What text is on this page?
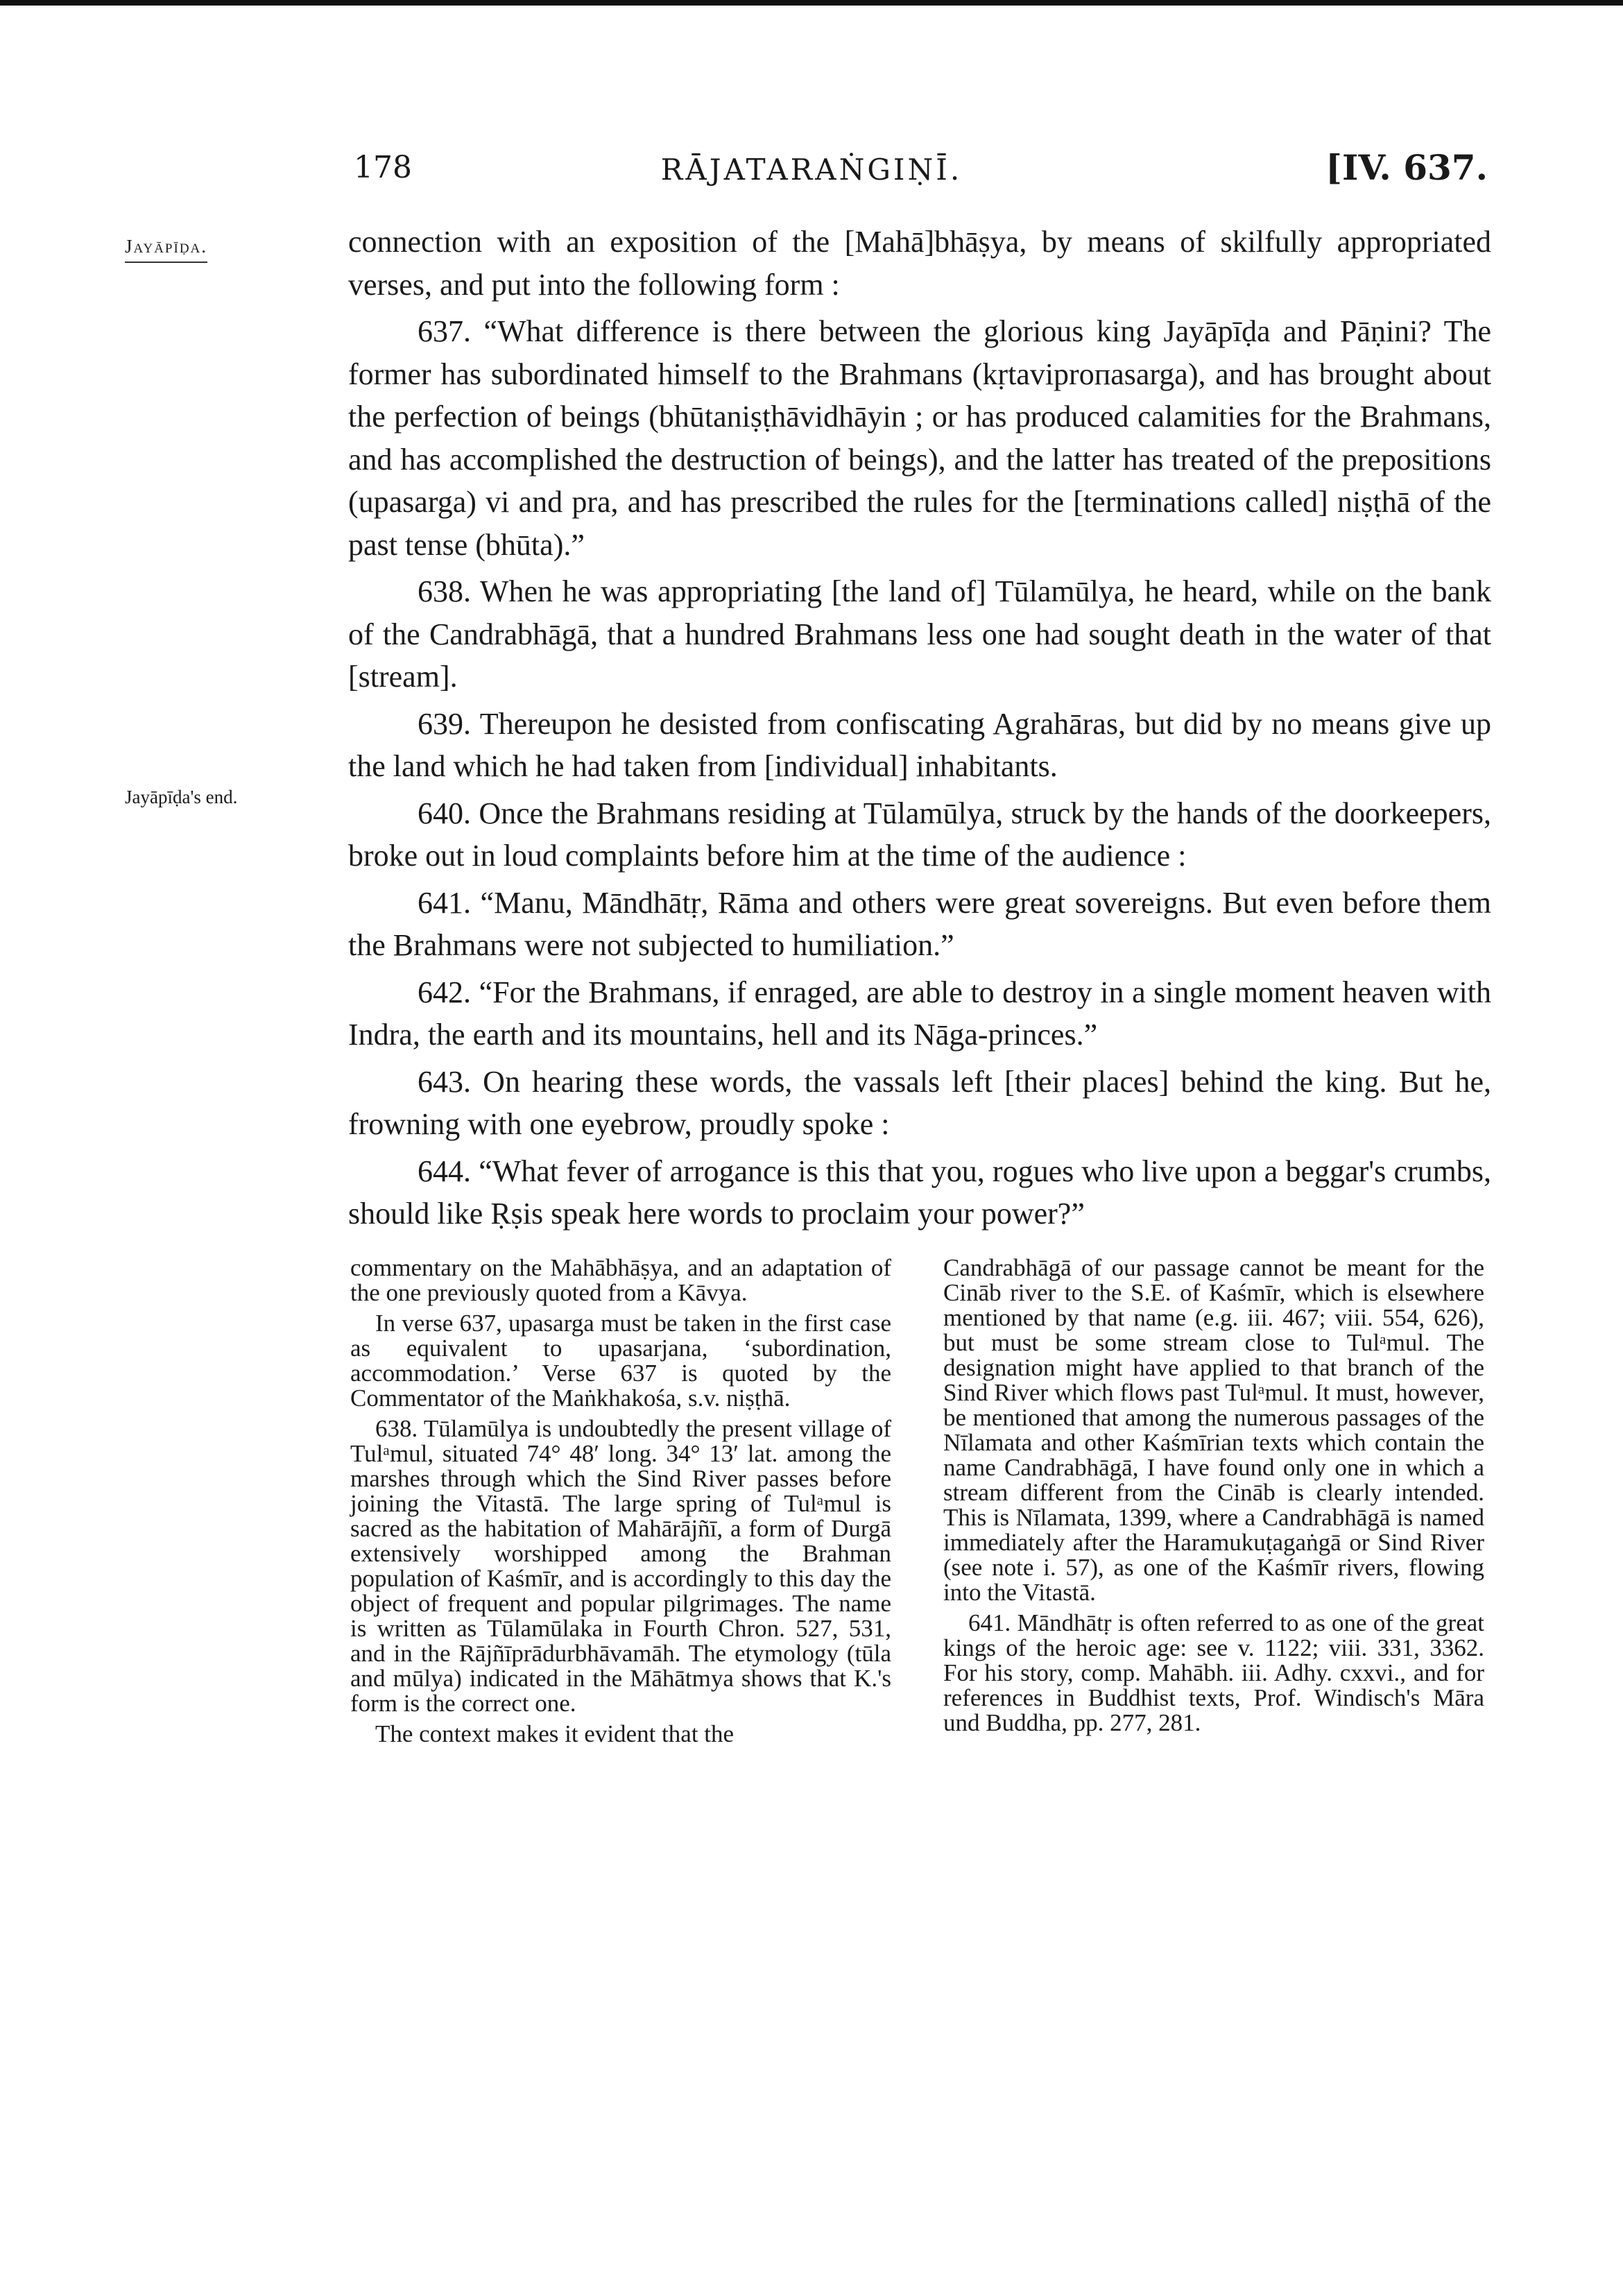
178	RĀJATARAṄGIṆĪ.	[IV. 637.
Jayāpīḍa.
Jayāpīḍa's end.

connection with an exposition of the [Mahā]bhāṣya, by means of skilfully appropriated verses, and put into the following form :

637. “What difference is there between the glorious king Jayāpīḍa and Pāṇini? The former has subordinated himself to the Brahmans (kṛtaviprопasarga), and has brought about the perfection of beings (bhūtaniṣṭhāvidhāyin ; or has produced calamities for the Brahmans, and has accomplished the destruction of beings), and the latter has treated of the prepositions (upasarga) vi and pra, and has prescribed the rules for the [terminations called] niṣṭhā of the past tense (bhūta).”

638. When he was appropriating [the land of] Tūlamūlya, he heard, while on the bank of the Candrabhāgā, that a hundred Brahmans less one had sought death in the water of that [stream].

639. Thereupon he desisted from confiscating Agrahāras, but did by no means give up the land which he had taken from [individual] inhabitants.

640. Once the Brahmans residing at Tūlamūlya, struck by the hands of the doorkeepers, broke out in loud complaints before him at the time of the audience :

641. “Manu, Māndhātṛ, Rāma and others were great sovereigns. But even before them the Brahmans were not subjected to humiliation.”

642. “For the Brahmans, if enraged, are able to destroy in a single moment heaven with Indra, the earth and its mountains, hell and its Nāga-princes.”

643. On hearing these words, the vassals left [their places] behind the king. But he, frowning with one eyebrow, proudly spoke :

644. “What fever of arrogance is this that you, rogues who live upon a beggar's crumbs, should like Ṛṣis speak here words to proclaim your power?”

commentary on the Mahābhāṣya, and an adaptation of the one previously quoted from a Kāvya.

In verse 637, upasarga must be taken in the first case as equivalent to upasarjana, ‘subordination, accommodation.’ Verse 637 is quoted by the Commentator of the Maṅkhakośa, s.v. niṣṭhā.

638. Tūlamūlya is undoubtedly the present village of Tulᵃmul, situated 74° 48′ long. 34° 13′ lat. among the marshes through which the Sind River passes before joining the Vitastā. The large spring of Tulᵃmul is sacred as the habitation of Mahārājñī, a form of Durgā extensively worshipped among the Brahman population of Kaśmīr, and is accordingly to this day the object of frequent and popular pilgrimages. The name is written as Tūlamūlaka in Fourth Chron. 527, 531, and in the Rājñīprādurbhāvamāh. The etymology (tūla and mūlya) indicated in the Māhātmya shows that K.'s form is the correct one.

The context makes it evident that the

Candrabhāgā of our passage cannot be meant for the Cināb river to the S.E. of Kaśmīr, which is elsewhere mentioned by that name (e.g. iii. 467; viii. 554, 626), but must be some stream close to Tulᵃmul. The designation might have applied to that branch of the Sind River which flows past Tulᵃmul. It must, however, be mentioned that among the numerous passages of the Nīlamata and other Kaśmīrian texts which contain the name Candrabhāgā, I have found only one in which a stream different from the Cināb is clearly intended. This is Nīlamata, 1399, where a Candrabhāgā is named immediately after the Haramukuṭagaṅgā or Sind River (see note i. 57), as one of the Kaśmīr rivers, flowing into the Vitastā.

641. Māndhātṛ is often referred to as one of the great kings of the heroic age: see v. 1122; viii. 331, 3362. For his story, comp. Mahābh. iii. Adhy. cxxvi., and for references in Buddhist texts, Prof. Windisch's Māra und Buddha, pp. 277, 281.
